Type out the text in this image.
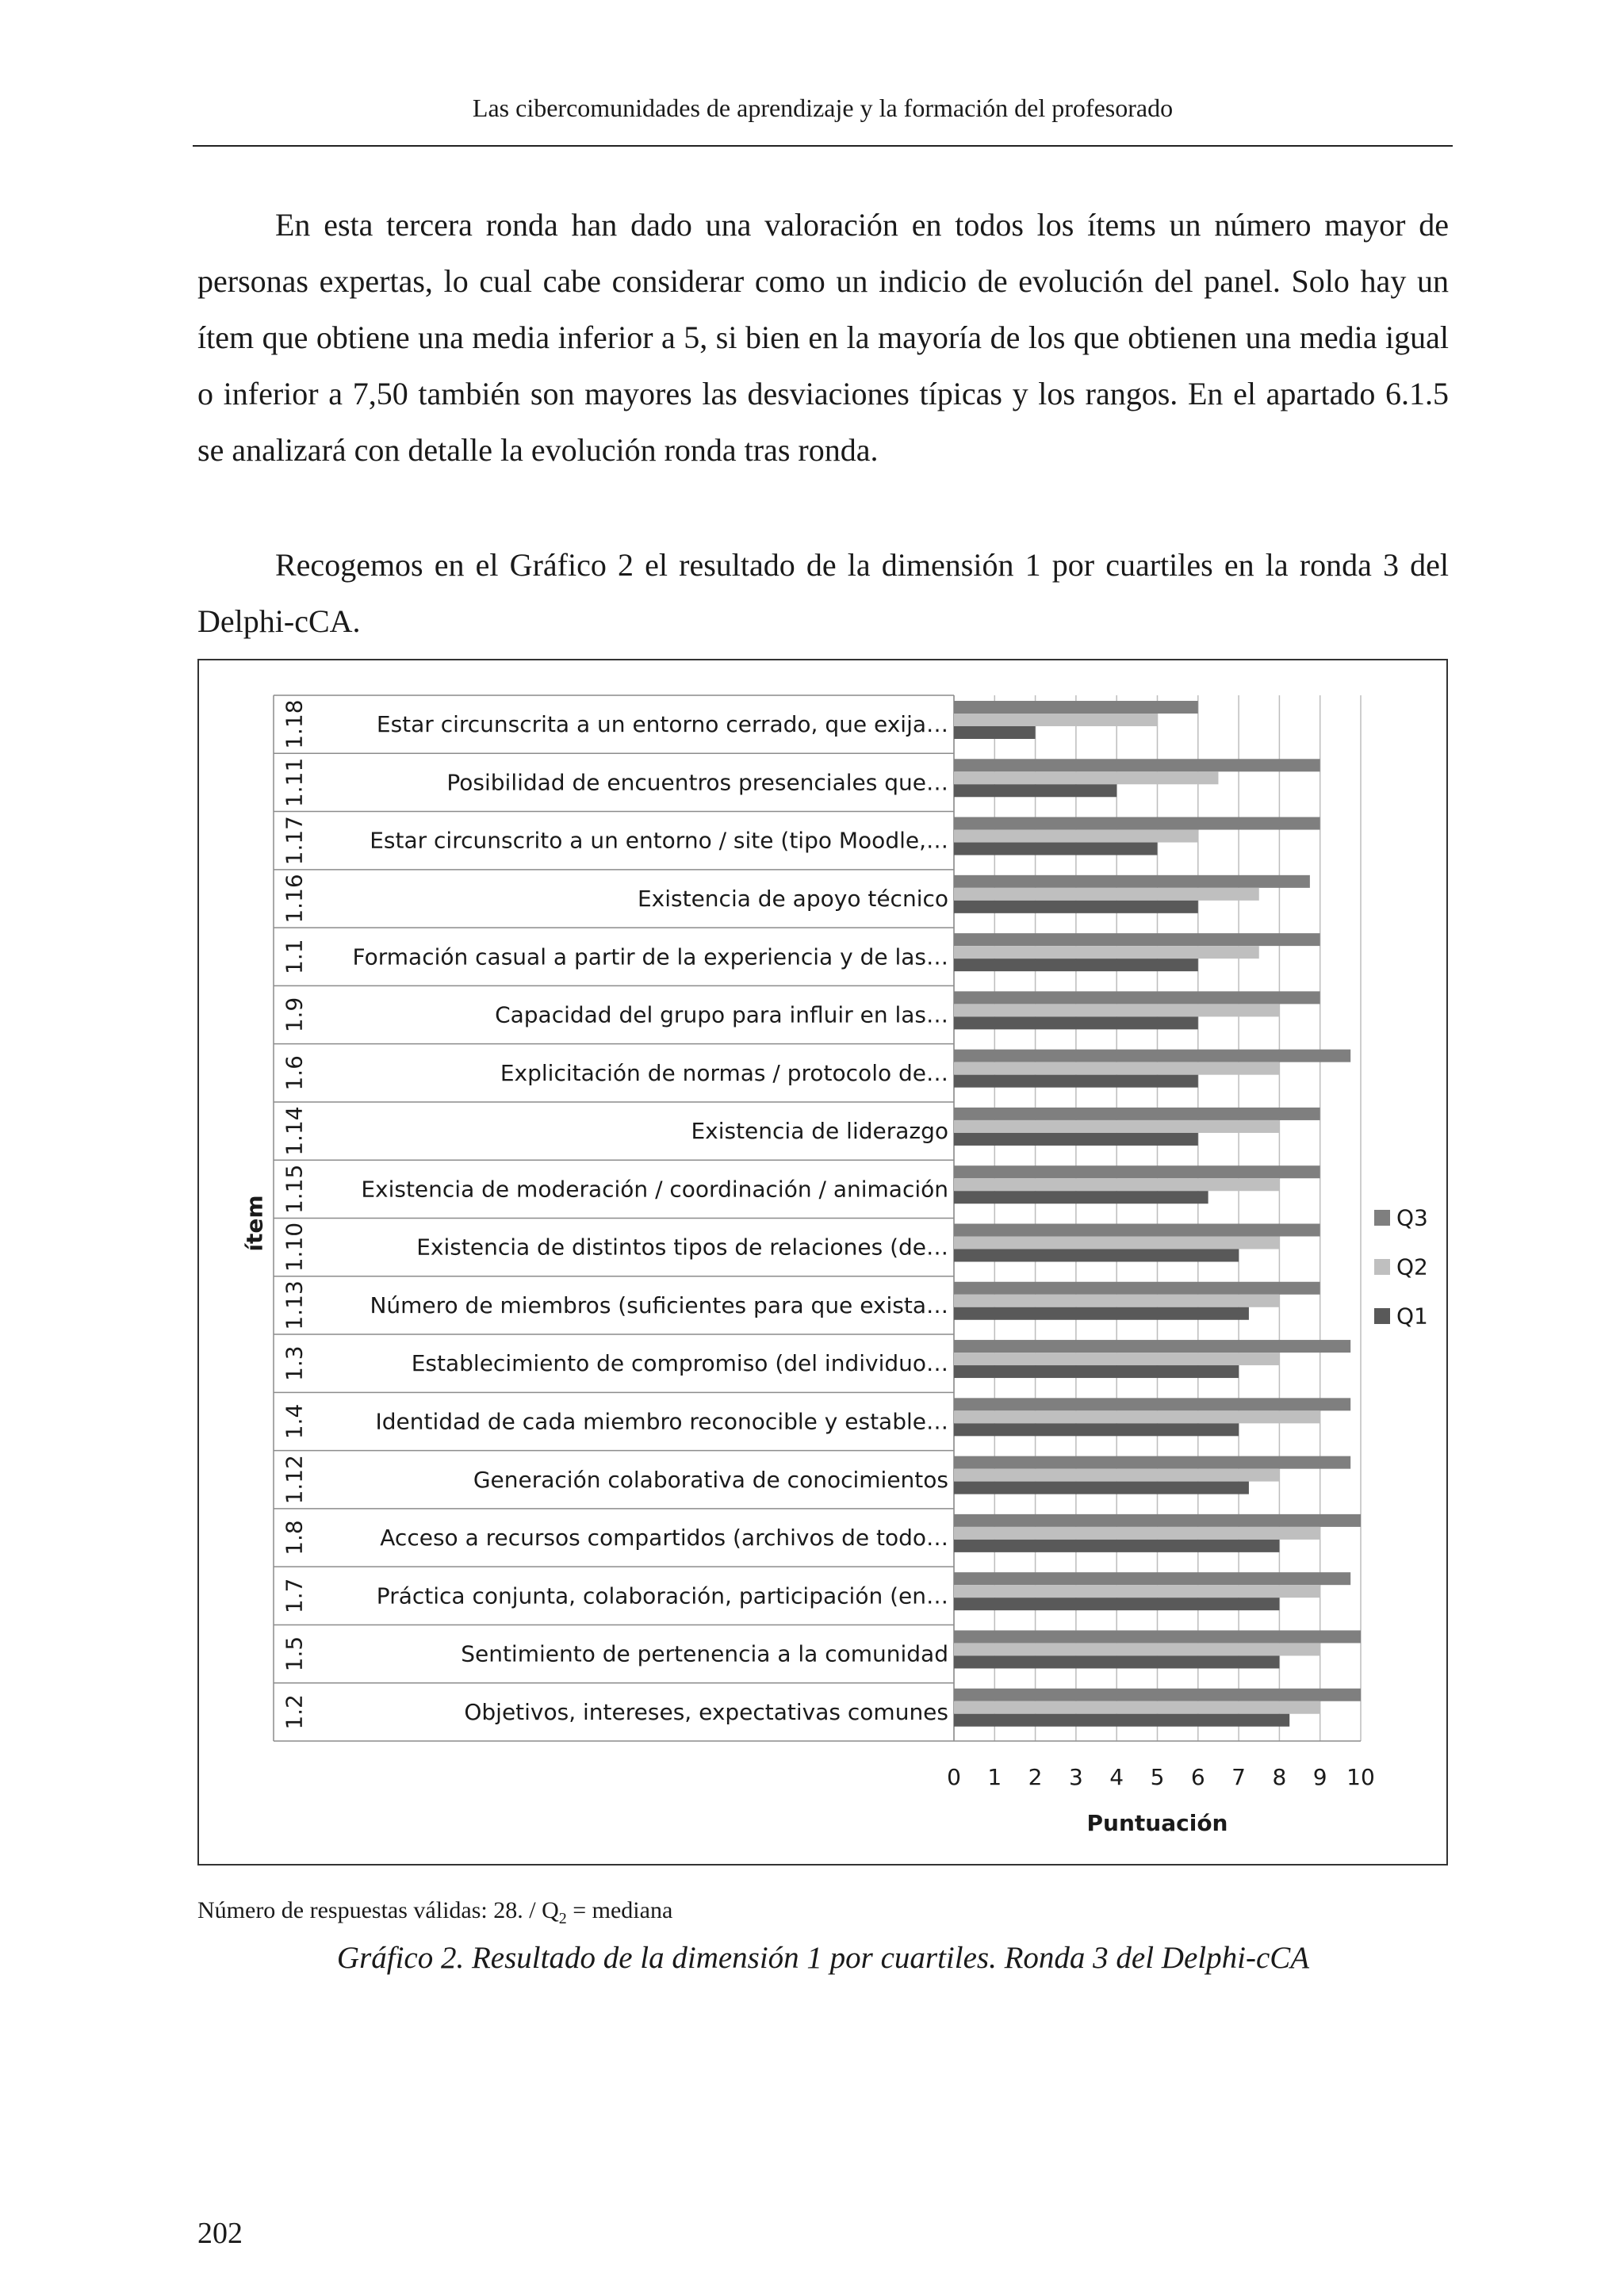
Las cibercomunidades de aprendizaje y la formación del profesorado

En esta tercera ronda han dado una valoración en todos los ítems un número mayor de personas expertas, lo cual cabe considerar como un indicio de evolución del panel. Solo hay un ítem que obtiene una media inferior a 5, si bien en la mayoría de los que obtienen una media igual o inferior a 7,50 también son mayores las desviaciones típicas y los rangos. En el apartado 6.1.5 se analizará con detalle la evolución ronda tras ronda.

Recogemos en el Gráfico 2 el resultado de la dimensión 1 por cuartiles en la ronda 3 del Delphi-cCA.

Estar circunscrita a un entorno cerrado, que exija…
1.18
Posibilidad de encuentros presenciales que…
1.11
Estar circunscrito a un entorno / site (tipo Moodle,…
1.17
Existencia de apoyo técnico
1.16
Formación casual a partir de la experiencia y de las…
1.1
Capacidad del grupo para influir en las…
1.9
Explicitación de normas / protocolo de…
1.6
Existencia de liderazgo
1.14
Existencia de moderación / coordinación / animación
1.15
Existencia de distintos tipos de relaciones (de…
1.10
Número de miembros (suficientes para que exista…
1.13
Establecimiento de compromiso (del individuo…
1.3
Identidad de cada miembro reconocible y estable…
1.4
Generación colaborativa de conocimientos
1.12
Acceso a recursos compartidos (archivos de todo…
1.8
Práctica conjunta, colaboración, participación (en…
1.7
Sentimiento de pertenencia a la comunidad
1.5
Objetivos, intereses, expectativas comunes
1.2
0 1 2 3 4 5 6 7 8 9 10
Puntuación
ítem	Q3
Q2
Q1
Número de respuestas válidas: 28. / $Q_2$ = mediana
Gráfico 2. Resultado de la dimensión 1 por cuartiles. Ronda 3 del Delphi-cCA
202
